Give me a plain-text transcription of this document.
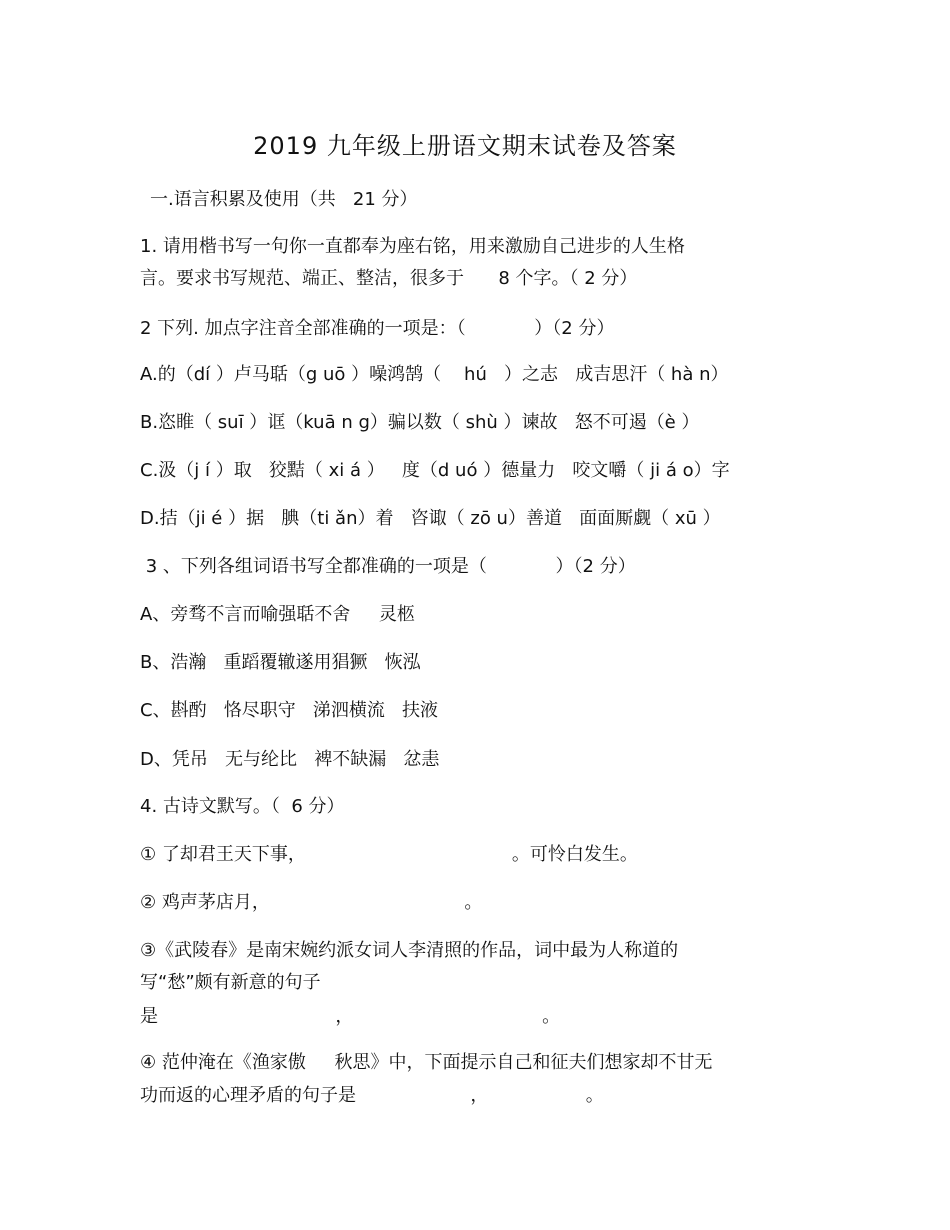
2019 九年级上册语文期末试卷及答案
一.语言积累及使用（共   21 分）
1. 请用楷书写一句你一直都奉为座右铭，用来激励自己进步的人生格
言。要求书写规范、端正、整洁，很多于      8 个字。（ 2 分）
2 下列. 加点字注音全部准确的一项是：（            ）（2 分）
A.的（dí ）卢马聒（g uō ）噪鸿鹄（    hú   ）之志   成吉思汗（ hà n）
B.恣睢（ suī ）诓（kuā n g）骗以数（ shù ）谏故   怒不可遏（è ）
C.汲（j í ）取   狡黠（ xi á ）   度（d uó ）德量力   咬文嚼（ ji á o）字
D.拮（ji é ）据   腆（ti ǎn）着   咨诹（ zō u）善道   面面厮觑（ xū ）
3 、下列各组词语书写全都准确的一项是（            ）（2 分）
A、旁骛不言而喻强聒不舍     灵柩
B、浩瀚   重蹈覆辙遂用猖獗   恢泓
C、斟酌   恪尽职守   涕泗横流   扶液
D、凭吊   无与纶比   裨不缺漏   忿恚
4. 古诗文默写。（  6 分）
① 了却君王天下事，                                    。可怜白发生。
② 鸡声茅店月，                                  。
③《武陵春》是南宋婉约派女词人李清照的作品，词中最为人称道的
写“愁”颇有新意的句子
是                               ，                                 。
④ 范仲淹在《渔家傲     秋思》中，下面提示自己和征夫们想家却不甘无
功而返的心理矛盾的句子是                    ，                 。
